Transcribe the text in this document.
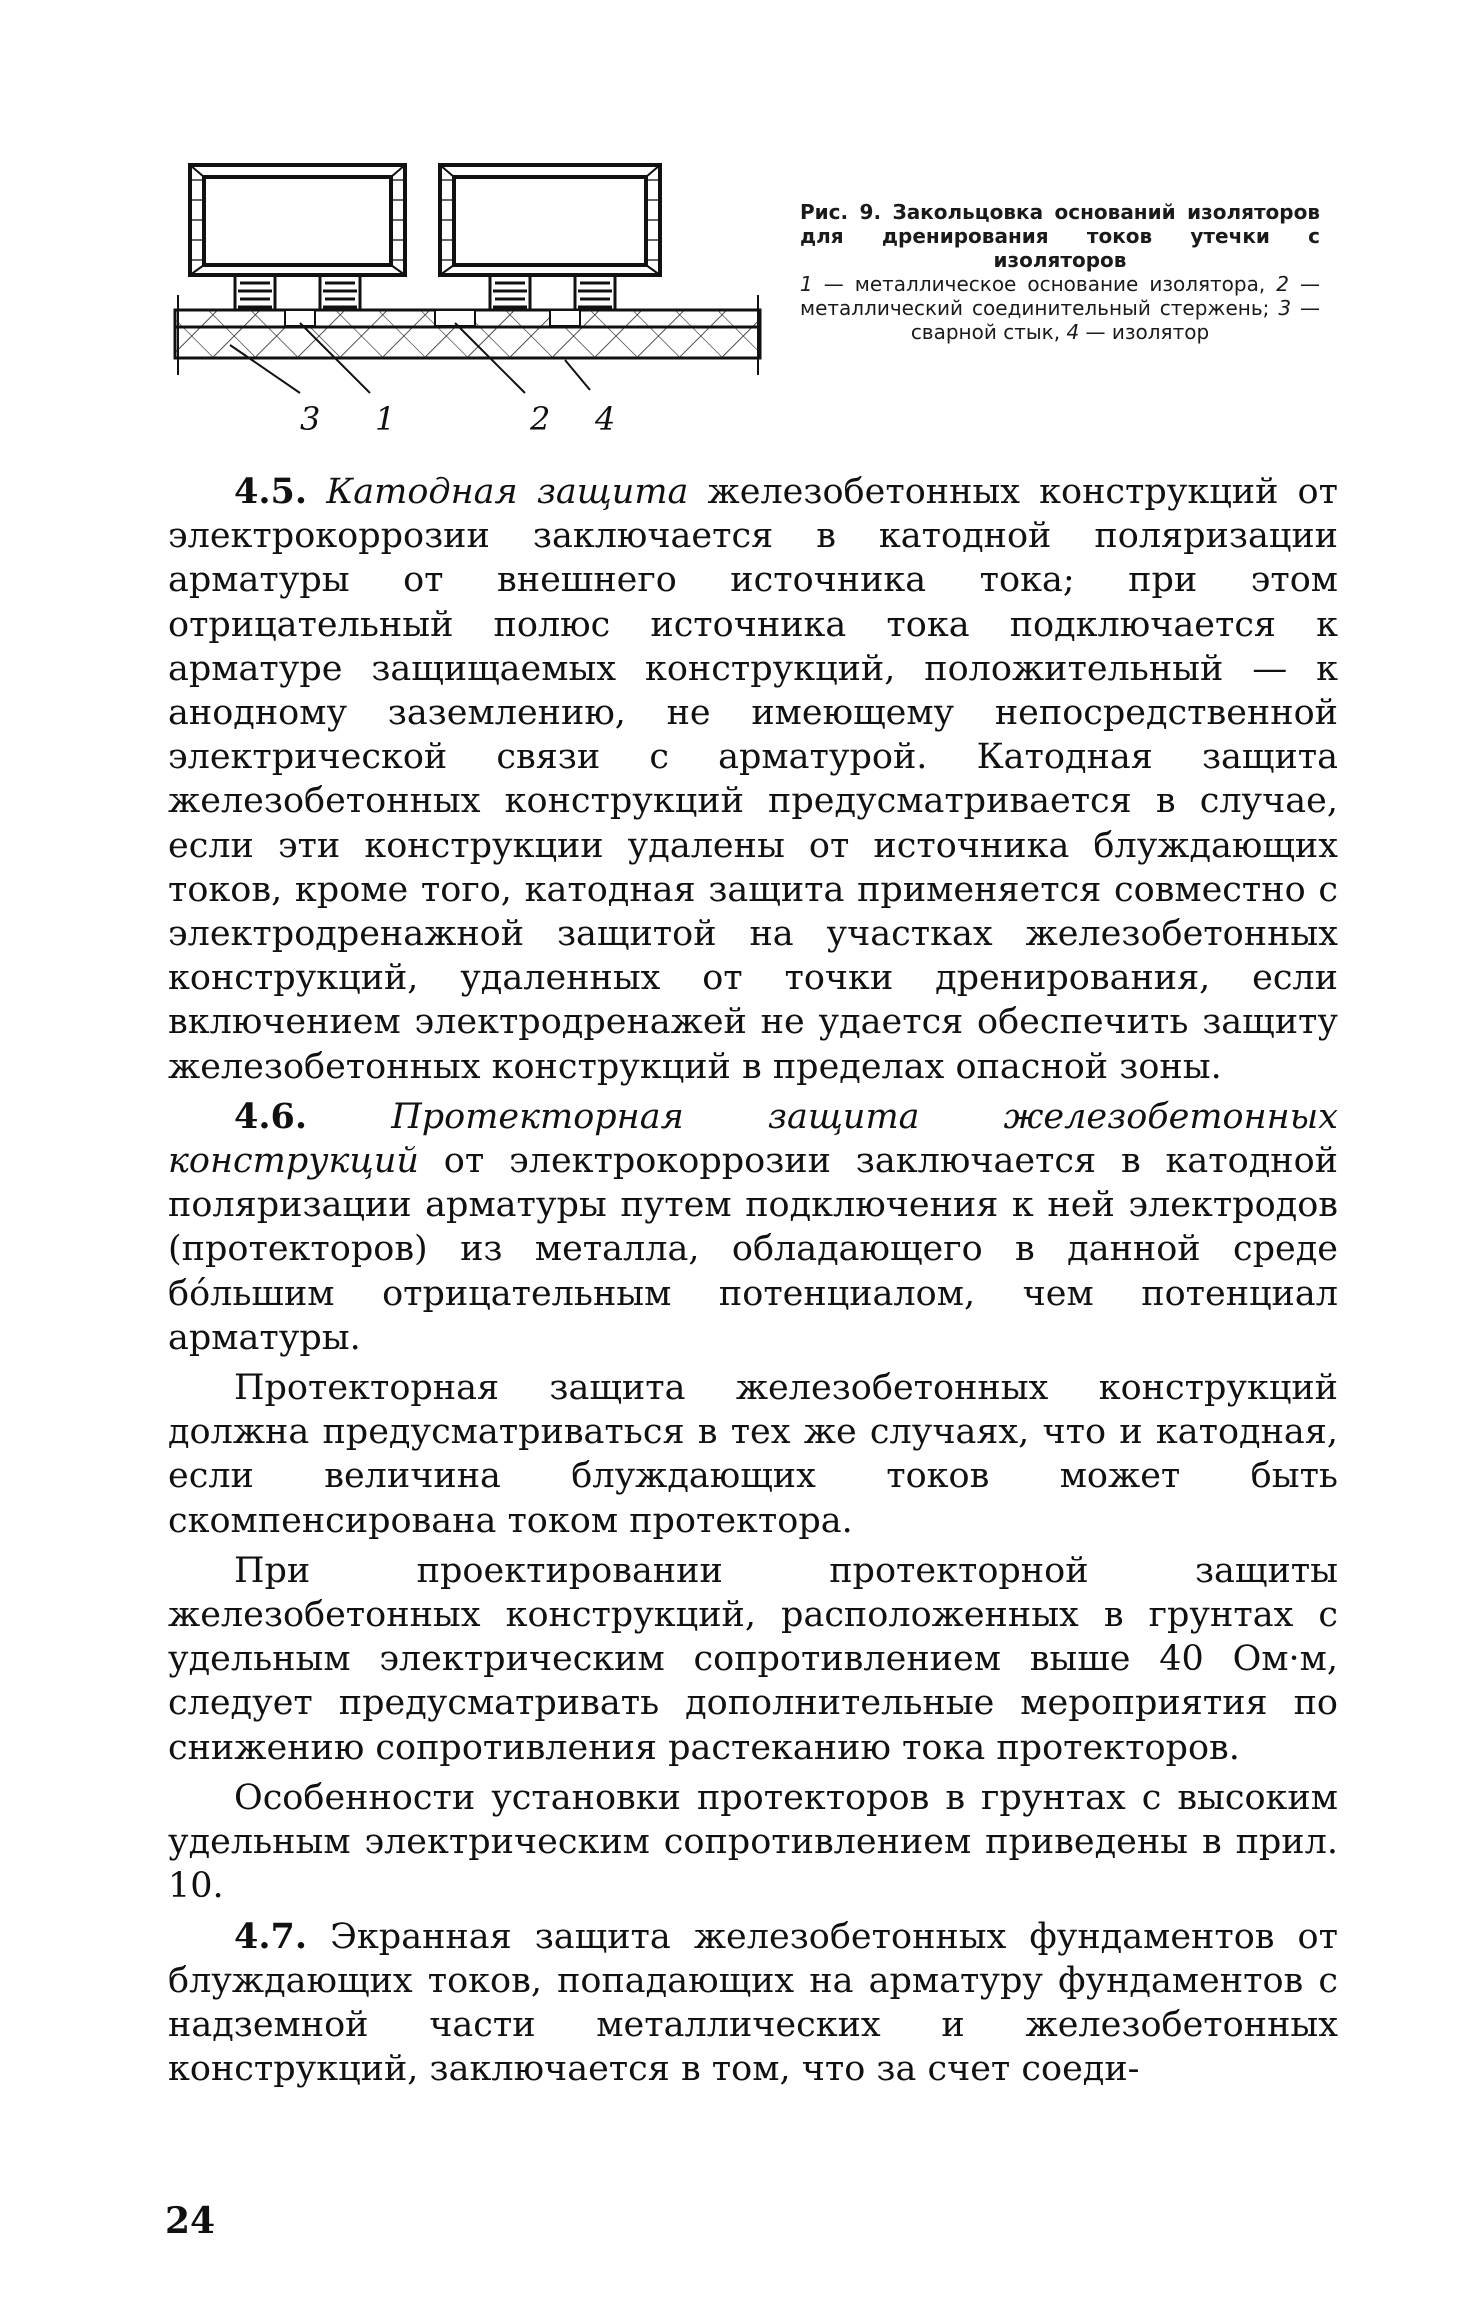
3 1	2 4
Рис. 9. Закольцовка оснований изоляторов для дренирования токов утечки с изоляторов
1 — металлическое основание изолятора, 2 — металлический соединительный стержень; 3 — сварной стык, 4 — изолятор

4.5. Катодная защита железобетонных конструкций от электрокоррозии заключается в катодной поляризации арматуры от внешнего источника тока; при этом отрицательный полюс источника тока подключается к арматуре защищаемых конструкций, положительный — к анодному заземлению, не имеющему непосредственной электрической связи с арматурой. Катодная защита железобетонных конструкций предусматривается в случае, если эти конструкции удалены от источника блуждающих токов, кроме того, катодная защита применяется совместно с электродренажной защитой на участках железобетонных конструкций, удаленных от точки дренирования, если включением электродренажей не удается обеспечить защиту железобетонных конструкций в пределах опасной зоны.

4.6. Протекторная защита железобетонных конструкций от электрокоррозии заключается в катодной поляризации арматуры путем подключения к ней электродов (протекторов) из металла, обладающего в данной среде бо́льшим отрицательным потенциалом, чем потенциал арматуры.

Протекторная защита железобетонных конструкций должна предусматриваться в тех же случаях, что и катодная, если величина блуждающих токов может быть скомпенсирована током протектора.

При проектировании протекторной защиты железобетонных конструкций, расположенных в грунтах с удельным электрическим сопротивлением выше 40 Ом·м, следует предусматривать дополнительные мероприятия по снижению сопротивления растеканию тока протекторов.

Особенности установки протекторов в грунтах с высоким удельным электрическим сопротивлением приведены в прил. 10.

4.7. Экранная защита железобетонных фундаментов от блуждающих токов, попадающих на арматуру фундаментов с надземной части металлических и железобетонных конструкций, заключается в том, что за счет соеди-

24
